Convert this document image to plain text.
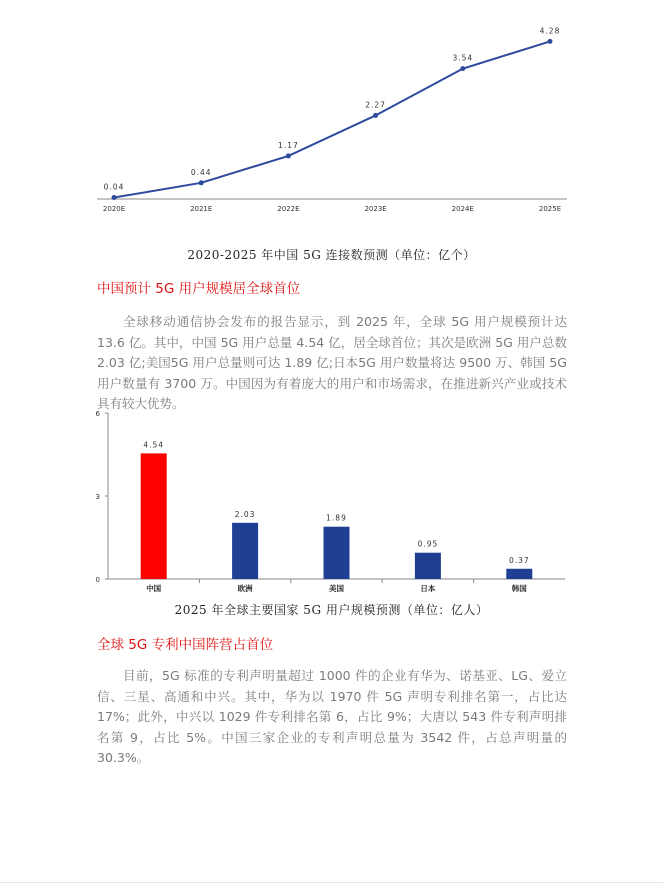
0.04
0.44
1.17
2.27
3.54
4.28
2020E	2021E	2022E	2023E	2024E	2025E
2020-2025 年中国 5G 连接数预测（单位：亿个）
中国预计 5G 用户规模居全球首位

全球移动通信协会发布的报告显示，到 2025 年，全球 5G 用户规模预计达 13.6 亿。其中，中国 5G 用户总量 4.54 亿，居全球首位；其次是欧洲 5G 用户总数 2.03 亿;美国5G 用户总量则可达 1.89 亿;日本5G 用户数量将达 9500 万、韩国 5G 用户数量有 3700 万。中国因为有着庞大的用户和市场需求，在推进新兴产业或技术具有较大优势。

0
3
6
4.54
中国
2.03
欧洲
1.89
美国
0.95
日本
0.37
韩国
2025 年全球主要国家 5G 用户规模预测（单位：亿人）
全球 5G 专利中国阵营占首位

目前，5G 标准的专利声明量超过 1000 件的企业有华为、诺基亚、LG、爱立信、三星、高通和中兴。其中，华为以 1970 件 5G 声明专利排名第一，占比达 17%；此外，中兴以 1029 件专利排名第 6，占比 9%；大唐以 543 件专利声明排名第 9，占比 5%。中国三家企业的专利声明总量为 3542 件，占总声明量的 30.3%。
